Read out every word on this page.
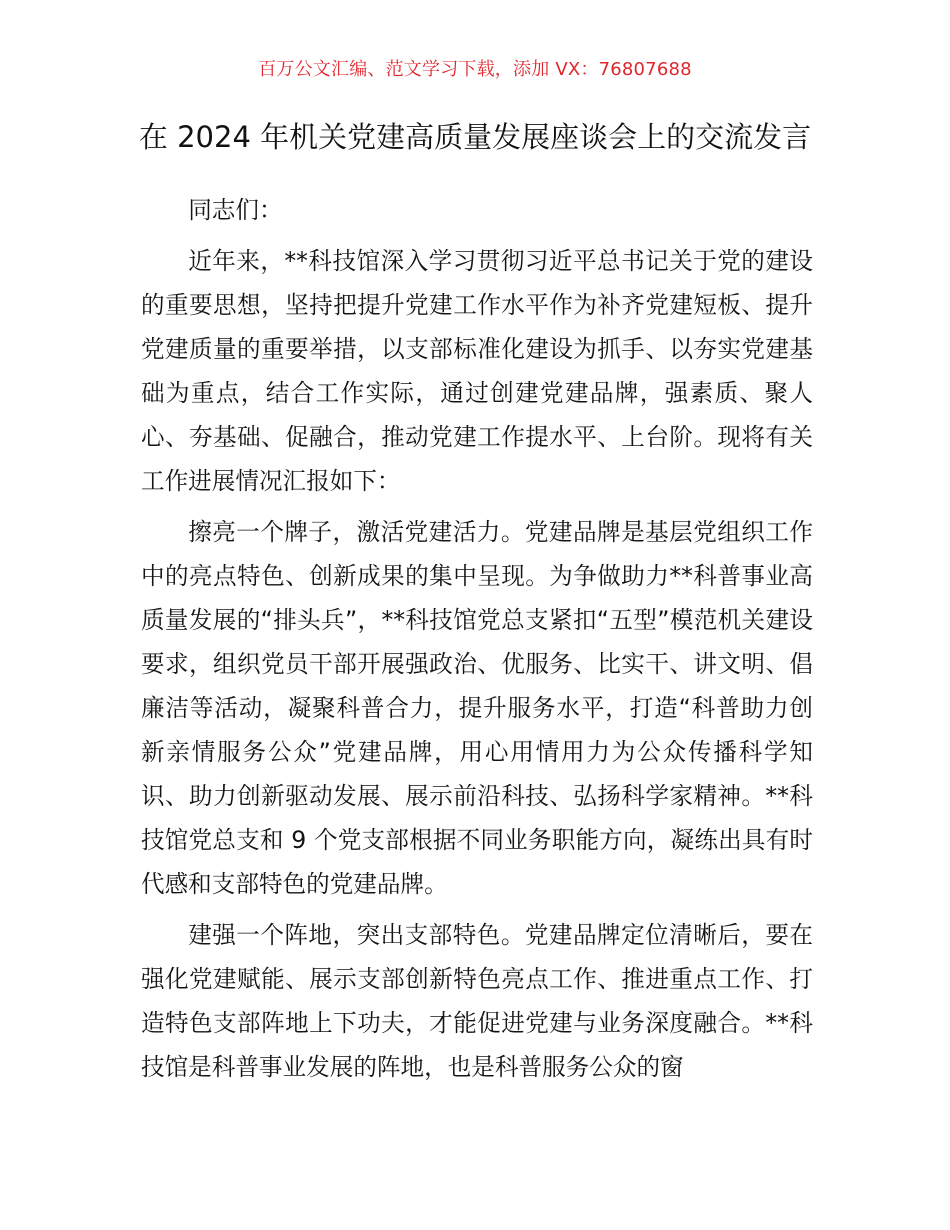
百万公文汇编、范文学习下载，添加 VX：76807688
在 2024 年机关党建高质量发展座谈会上的交流发言

同志们：

近年来，**科技馆深入学习贯彻习近平总书记关于党的建设的重要思想，坚持把提升党建工作水平作为补齐党建短板、提升党建质量的重要举措，以支部标准化建设为抓手、以夯实党建基础为重点，结合工作实际，通过创建党建品牌，强素质、聚人心、夯基础、促融合，推动党建工作提水平、上台阶。现将有关工作进展情况汇报如下：

擦亮一个牌子，激活党建活力。党建品牌是基层党组织工作中的亮点特色、创新成果的集中呈现。为争做助力**科普事业高质量发展的“排头兵”，**科技馆党总支紧扣“五型”模范机关建设要求，组织党员干部开展强政治、优服务、比实干、讲文明、倡廉洁等活动，凝聚科普合力，提升服务水平，打造“科普助力创新亲情服务公众”党建品牌，用心用情用力为公众传播科学知识、助力创新驱动发展、展示前沿科技、弘扬科学家精神。**科技馆党总支和 9 个党支部根据不同业务职能方向，凝练出具有时代感和支部特色的党建品牌。

建强一个阵地，突出支部特色。党建品牌定位清晰后，要在强化党建赋能、展示支部创新特色亮点工作、推进重点工作、打造特色支部阵地上下功夫，才能促进党建与业务深度融合。**科技馆是科普事业发展的阵地，也是科普服务公众的窗
